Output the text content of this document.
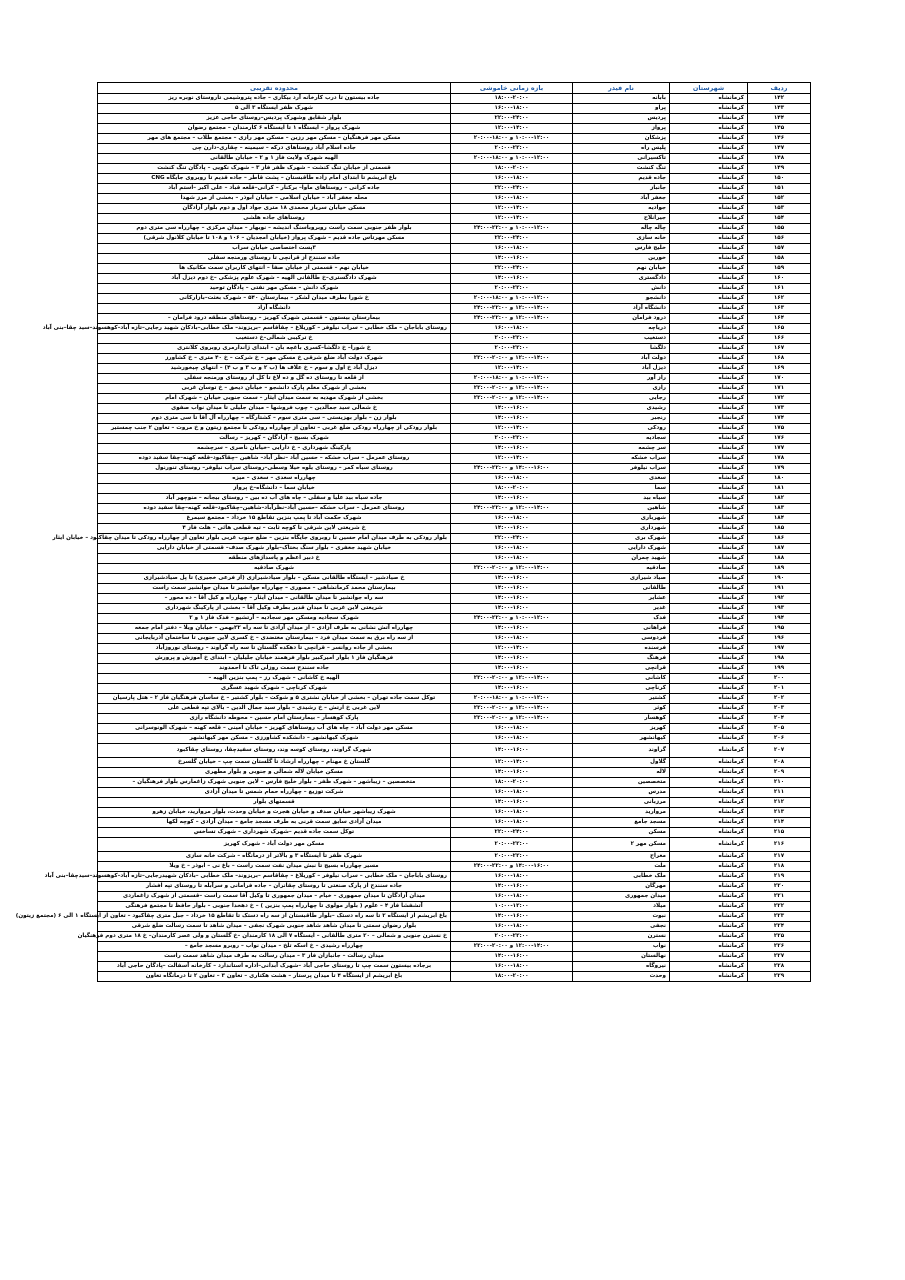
ردیف	شهرستان	نام فیدر	بازه زمانی خاموشی	محدوده تقریبی
۱۴۲	کرمانشاه	بابانه	۱۸:۰۰-۲۰:۰۰	جاده بیستون تا درب کارخانه آرد بیکاری – جاده پتروشیمی تاروستای نوبره ریز
۱۴۳	کرمانشاه	پراو	۱۶:۰۰-۱۸:۰۰	شهرک ظفر ایستگاه ۳ الی ۵
۱۴۴	کرمانشاه	پردیس	۲۲:۰۰-۲۴:۰۰	بلوار شقایق وشهرک پردیس–روستای حاجی عزیز
۱۴۵	کرمانشاه	پرواز	۱۲:۰۰-۱۴:۰۰	شهرک پرواز – ایستگاه ۱ تا ایستگاه ۶ کارمندان – مجتمع رضوان
۱۴۶	کرمانشاه	پزشکان	۱۰:۰۰-۱۲:۰۰ و ۱۸:۰۰-۲۰:۰۰	مسکن مهر فرهنگیان – مسکن مهر رزین – مسکن مهر رازی – مجتمع طلاب – مجتمع های مهر
۱۴۷	کرمانشاه	پلیس راه	۲۰:۰۰-۲۲:۰۰	جاده اسلام آباد روستاهای درکه – سیمینه – چقاری–دارن چی
۱۴۸	کرمانشاه	تاکسیرانی	۱۰:۰۰-۱۲:۰۰ و ۱۸:۰۰-۲۰:۰۰	الهیه شهرک ولایت فاز ۱ و ۲ – خیابان طالقانی
۱۴۹	کرمانشاه	تنگ کنشت	۱۸:۰۰-۲۰:۰۰	قسمتی از خیابان تنگ کنشت – شهرک ظفر فاز ۳ – شهرک نکویی – پادگان تنگ کنشت
۱۵۰	کرمانشاه	جاده قدیم	۱۶:۰۰-۱۸:۰۰	باغ ابریشم تا ابتدای امام زاده طاقبستان – پشت قاطر – جاده قدیم تا روبروی جایگاه CNG
۱۵۱	کرمانشاه	جانباز	۲۲:۰۰-۲۴:۰۰	جاده کرانی – روستاهای ماوا– برکنار – کرانی–قلعه قباد – علی اکبر –استم آباد
۱۵۲	کرمانشاه	جعفر آباد	۱۶:۰۰-۱۸:۰۰	محله جعفر آباد – خیابان اسلامی – خیابان ابوذر – بخشی از مرز شهدا
۱۵۳	کرمانشاه	جوادیه	۱۲:۰۰-۱۴:۰۰	مسکن خیابان سرباز محمدی ۱۸ متری جواد اول و دوم بلوار آزادگان
۱۵۴	کرمانشاه	جیرانلاح	۱۲:۰۰-۱۴:۰۰	روستاهای جاده هلشی
۱۵۵	کرمانشاه	چاله چاله	۱۰:۰۰-۱۲:۰۰ و ۲۲:۰۰-۲۴:۰۰	بلوار ظفر جنوبی سمت راست روبروباسنگ اندیشه – نوبهار – میدان مرکزی – چهارراه سی متری دوم
۱۵۶	کرمانشاه	خانه سازی	۲۲:۰۰-۲۴:۰۰	مسکن مهرتاس جاده قدیم – شهرک پرواز (خیابان امجدیان – ۱۰۶ و ۱۰۸ تا خیابان کلانول شرقی)
۱۵۷	کرمانشاه	خلیج فارس	۱۶:۰۰-۱۸:۰۰	۳پست اختصاصی خیابان سراب
۱۵۸	کرمانشاه	خورین	۱۴:۰۰-۱۶:۰۰	جاده سنندج از قرانچی تا روستای ورمنجه سفلی
۱۵۹	کرمانشاه	خیابان نهم	۲۲:۰۰-۲۴:۰۰	خیابان نهم – قسمتی از خیابان صفا – انتهای کاربران سمت مکانیک ها
۱۶۰	کرمانشاه	دادگستری	۱۴:۰۰-۱۶:۰۰	شهرک دادگستری–خ طالقانی الهیه – شهرک علوم پزشکی –خ دوم دیزل آباد
۱۶۱	کرمانشاه	دانش	۲۰:۰۰-۲۲:۰۰	شهرک دانش – مسکن مهر نفتی – پادگان توحید
۱۶۲	کرمانشاه	دانشجو	۱۰:۰۰-۱۲:۰۰ و ۱۸:۰۰-۲۰:۰۰	خ شورا بطرف میدان لشکر – بیمارستان ۵۴۰ – شهرک بعثت–بازارکانی
۱۶۳	کرمانشاه	دانشگاه آزاد	۱۲:۰۰-۱۴:۰۰ و ۲۲:۰۰-۲۴:۰۰	دانشگاه آزاد
۱۶۴	کرمانشاه	درود فرامان	۱۲:۰۰-۱۴:۰۰ و ۲۲:۰۰-۲۴:۰۰	بیمارستان بیستون – قسمتی شهرک کهریز – روستاهای منطقه درود فرامان –
۱۶۵	کرمانشاه	دریاچه	۱۶:۰۰-۱۸:۰۰	روستای باباجان – ملک خطابی – سراب نیلوفر – کوریلاغ – چقاقاسم –بریزوند– ملک خطابی–بادکان شهید رجایی–تازه آباد–کوهسوند–سید چقا–بنی آباد
۱۶۶	کرمانشاه	دستغیب	۲۰:۰۰-۲۲:۰۰	خ ترکیبی شمالی–خ دستغیب
۱۶۷	کرمانشاه	دلگشا	۲۰:۰۰-۲۲:۰۰	خ شورا– خ دلگشا–کسری باغچه بان – ابتدای ژاندارمری روبروی کلانتری
۱۶۸	کرمانشاه	دولت آباد	۱۲:۰۰-۱۴:۰۰ و ۲۰:۰۰-۲۲:۰۰	شهرک دولت آباد ضلع شرقی خ مسکن مهر – خ شرکت – خ ۴۰ متری – خ کشاورز
۱۶۹	کرمانشاه	دیزل آباد	۱۲:۰۰-۱۴:۰۰	دیزل آباد خ اول و سوم – خ علاف ها (ب ۲ و ب ۳ و ب ۴) – انتهای چیخورشید
۱۷۰	کرمانشاه	راز آور	۱۰:۰۰-۱۲:۰۰ و ۱۸:۰۰-۲۰:۰۰	از قلعه تا روستای ده گل و ده لاغ تا کل از روستای ورمنجه سفلی
۱۷۱	کرمانشاه	رازی	۱۲:۰۰-۱۴:۰۰ و ۲۰:۰۰-۲۲:۰۰	بخشی از شهرک معلم پارک دانشجو – خیابان دیحق – خ توسان غربی
۱۷۲	کرمانشاه	رجایی	۱۲:۰۰-۱۴:۰۰ و ۲۰:۰۰-۲۲:۰۰	بخشی از شهرک مهدیه به سمت میدان ایثار – سمت جنوبی خیابان – شهرک امام
۱۷۳	کرمانشاه	رشیدی	۱۴:۰۰-۱۶:۰۰	خ شمالی سید جمالدین – چوب فروشها – میدان جلیلی تا میدان نواب صفوی
۱۷۴	کرمانشاه	رنجبر	۱۴:۰۰-۱۶:۰۰	بلوار زن – بلوار بهزیستی – سی متری سوم – کشتارگاه – چهارراه آل آقا تا سی متری دوم
۱۷۵	کرمانشاه	رودکی	۱۲:۰۰-۱۴:۰۰	بلوار رودکی از چهارراه رودکی ضلع غربی – تعاون از چهارراه رودکی تا مجتمع زیتون و خ مروت – تعاون ۲ جنب چمستیر
۱۷۶	کرمانشاه	سجادیه	۲۰:۰۰-۲۲:۰۰	شهرک بسیج – آزادگان – کهریز – رسالت
۱۷۷	کرمانشاه	سر چشمه	۱۴:۰۰-۱۶:۰۰	پارکینگ شهرداری – خ دارایی –خیابان ناصری – سرچشمه
۱۷۸	کرمانشاه	سراب خشکه	۱۲:۰۰-۱۴:۰۰	روستای عمرمل – سراب خشکه – حسین آباد –نظر آباد– شاهین –چقاکبود–قلعه کهنه–چقا سفید دوده
۱۷۹	کرمانشاه	سراب نیلوفر	۱۴:۰۰-۱۶:۰۰ و ۲۲:۰۰-۲۴:۰۰	روستای سیاه کمر – روستای یلوه خیلا وسطی–روستای سراب نیلوفر– روستای تنورنول
۱۸۰	کرمانشاه	سعدی	۱۶:۰۰-۱۸:۰۰	چهارراه سعدی – سعدی – میزه
۱۸۱	کرمانشاه	سما	۱۸:۰۰-۲۰:۰۰	خیابان سما – دانشگاه–خ پرواز
۱۸۲	کرمانشاه	سیاه بید	۱۴:۰۰-۱۶:۰۰	جاده سیاه بید علیا و سفلی – چاه های آب ده بین – روستای بیجانه – منوچهر آباد
۱۸۳	کرمانشاه	شاهین	۱۲:۰۰-۱۴:۰۰ و ۲۲:۰۰-۲۴:۰۰	روستای عمرمل – سراب خشکه –حسین آباد–نظرآباد–شاهین–چقاکبود–قلعه کهنه–چقا سفید دوده
۱۸۴	کرمانشاه	شهرباری	۱۶:۰۰-۱۸:۰۰	شهرک حکمت آباد تا پمپ بنزین تقاطع ۱۵ خرداد – مجتمع سیمرغ
۱۸۵	کرمانشاه	شهرداری	۱۴:۰۰-۱۶:۰۰	خ شریعتی لاین شرقی تا کوچه ثابت – تیه قطعی هائی – هلت فاز ۴
۱۸۶	کرمانشاه	شهرک بری	۲۲:۰۰-۲۴:۰۰	بلوار رودکی به طرف میدان امام حسین تا روبروی جایگاه بنزین – ضلع جنوب غربی بلوار تعاون از چهارراه رودکی تا میدان چقاکبود – خیابان ایثار
۱۸۷	کرمانشاه	شهرک دارایی	۱۶:۰۰-۱۸:۰۰	خیابان شهید جعفری – بلوار سنگ بختاک–بلوار شهرک صدف– قسمتی از خیابان دارایی
۱۸۸	کرمانشاه	شهید چمران	۱۶:۰۰-۱۸:۰۰	خ دبیر اعظم و پاسداژهای منطقه
۱۸۹	کرمانشاه	صادقیه	۱۲:۰۰-۱۴:۰۰ و ۲۰:۰۰-۲۲:۰۰	شهرک صادقیه
۱۹۰	کرمانشاه	صیاد شیرازی	۱۴:۰۰-۱۶:۰۰	خ صیادشیر – ایستگاه طالقانی مسکن – بلوار صیادشیرازی (از فرعی خجیری) تا پل صیادشیرازی
۱۹۱	کرمانشاه	طالقانی	۱۴:۰۰-۱۶:۰۰	بیمارستان محمد کرمانشاهی – مصوری – چهارراه جوانشیر تا میدان جوانشیر سمت راست
۱۹۲	کرمانشاه	عشایر	۱۴:۰۰-۱۶:۰۰	سه راه جوانشیر تا میدان طالقانی – میدان ایثار – چهارراه و کیل آقا – ده محور –
۱۹۳	کرمانشاه	غدیر	۱۴:۰۰-۱۶:۰۰	شریعتی لاین غربی تا میدان قدیر بطرف وکیل آقا – بخشی از پارکینگ شهرداری
۱۹۴	کرمانشاه	فدک	۱۰:۰۰-۱۲:۰۰ و ۲۲:۰۰-۲۴:۰۰	شهرک سجادیه ومسکن مهر سجادیه – آرتشیو – فدک فاز ۱ و ۲
۱۹۵	کرمانشاه	فراهانی	۱۴:۰۰-۱۶:۰۰	چهارراه آتش نشانی به طرف آزادی – از میدان آزادی تا سه راه ۲۲بهمن – خیابان ویلا – دفتر امام جمعه
۱۹۶	کرمانشاه	فردوسی	۱۶:۰۰-۱۸:۰۰	از سه راه برق به سمت میدان فرد – بیمارستان معتضدی – خ کسری لاین جنوبی تا ساختمان آذربایجانی
۱۹۷	کرمانشاه	فرسنده	۱۲:۰۰-۱۴:۰۰	بخشی از جاده روانسر – قرانچی تا دهکده گلستان تا سه راه گراوند – روستای نوروزآباد
۱۹۸	کرمانشاه	فرهنگ	۱۴:۰۰-۱۶:۰۰	فرهنگیان فاز ۱ بلوار امیرکبیر بلوار فرهمند خیابان جلیلیان – ابتدای خ آموزش و پرورش
۱۹۹	کرمانشاه	قرانچی	۱۴:۰۰-۱۶:۰۰	جاده سنندج سمت روزلی تاک تا احمدوند
۲۰۰	کرمانشاه	کاشانی	۱۲:۰۰-۱۴:۰۰ و ۲۰:۰۰-۲۲:۰۰	الهیه خ کاشانی – شهرک رز – پمپ بنزین الهیه –
۲۰۱	کرمانشاه	کرناچی	۱۴:۰۰-۱۶:۰۰	شهرک کرناچی – شهرک شهید عسگری
۲۰۲	کرمانشاه	کشتیر	۱۰:۰۰-۱۲:۰۰ و ۱۸:۰۰-۲۰:۰۰	توکل سمت جاده تهران – بخشی از خیابان نشتری ۵ و شوکت – بلوار کشتیر – خ ساسان فرهنگیان فاز ۲ – هتل پارسیان
۲۰۳	کرمانشاه	کوثر	۱۲:۰۰-۱۴:۰۰ و ۲۰:۰۰-۲۲:۰۰	لاین غربی خ ارتش – خ رشیدی – بلوار سید جمال الدین – بالای تپه قطعی علی
۲۰۴	کرمانشاه	کوهسار	۱۲:۰۰-۱۴:۰۰ و ۲۰:۰۰-۲۲:۰۰	پارک کوهسار – بیمارستان امام حسین – محوطه دانشگاه رازی
۲۰۵	کرمانشاه	کهریز	۱۶:۰۰-۱۸:۰۰	مسکن مهر دولت آباد – چاه های آب روستاهای کهریز – خیابان امینی – قلعه کهنه – شهرک الونوسرانی
۲۰۶	کرمانشاه	کیهانشهر	۱۶:۰۰-۱۸:۰۰	شهرک کیهانشهر – دانشکده کشاورزی – مسکن مهر کیهانشهر
۲۰۷	کرمانشاه	گراوند	۱۴:۰۰-۱۶:۰۰	شهرک گراوند، روستای کوسه وند، روستای سفیدچقا، روستای چقاکبود
۲۰۸	کرمانشاه	گلاول	۱۲:۰۰-۱۴:۰۰	گلستان خ مهنام – چهارراه ارشاد تا گلستان سمت چپ – خیابان گلسرخ
۲۰۹	کرمانشاه	لاله	۱۴:۰۰-۱۶:۰۰	مسکن خیابان لاله شمالی و جنوبی و بلوار مطهری
۲۱۰	کرمانشاه	متخصصین	۱۸:۰۰-۲۰:۰۰	متخصصین – زیباشهر – شهرک ظفر – بلوار خلیج فارس – لاین جنوبی شهرک زاغمارس بلوار فرهنگیان –
۲۱۱	کرمانشاه	مدرس	۱۶:۰۰-۱۸:۰۰	شرکت توزیع – چهارراه حمام شمس تا میدان آزادی
۲۱۲	کرمانشاه	مرزبانی	۱۴:۰۰-۱۶:۰۰	قسمتهای بلوار
۲۱۳	کرمانشاه	مروارید	۱۶:۰۰-۱۸:۰۰	شهرک زیباشهر خیابان صدف و خیابان هجرت و خیابان وحدت، بلوار مروارید، خیابان زهرو
۲۱۴	کرمانشاه	مسجد جامع	۱۶:۰۰-۱۸:۰۰	میدان آزادی سایق سمت قرنی به طرف مسجد جامع – میدان آزادی – کوچه لکها
۲۱۵	کرمانشاه	مسکن	۲۲:۰۰-۲۴:۰۰	توکل سمت جاده قدیم –شهرک شهرداری – شهرک تساخس
۲۱۶	کرمانشاه	مسکن مهر ۲	۲۰:۰۰-۲۲:۰۰	مسکن مهر دولت آباد – شهرک کهریز
۲۱۷	کرمانشاه	معراج	۲۰:۰۰-۲۲:۰۰	شهرک ظفر تا ایستگاه ۳ و بالاتر از درمانگاه – شرکت خانه سازی
۲۱۸	کرمانشاه	ملت	۱۴:۰۰-۱۶:۰۰ و ۲۲:۰۰-۲۴:۰۰	مسیر چهارراه بسیج تا نبش میدان نفت سمت راست – باغ نی – ابوذر – خ ویلا
۲۱۹	کرمانشاه	ملک خطابی	۱۶:۰۰-۱۸:۰۰	روستای باباجان – ملک خطابی – سراب نیلوفر – کوریلاغ – چقاقاسم –بریزوند– ملک خطابی –بادکان شهیدرجایی–تازه آباد–کوهسوند–سیدچقا–بنی آباد
۲۲۰	کرمانشاه	مهرگان	۱۴:۰۰-۱۶:۰۰	جاده سنندج از پارک صنعتی تا روستای چقانران – جاده فرامانی و سرآبله تا روستای تپه افشار
۲۲۱	کرمانشاه	میدان جمهوری	۱۶:۰۰-۱۸:۰۰	میدان آزادگان تا میدان جمهوری – خیام – میدان جمهوری تا وکیل آقا سمت راست –قسمتی از شهرک زاغماردی
۲۲۲	کرمانشاه	میلاد	۱۰:۰۰-۱۲:۰۰	آتشفشا فاز ۴ – علوم ( بلوار مولوی تا چهارراه پمپ بنزین ) – خ دهخدا جنوبی – بلوار حافظ تا مجتمع فرهنگی
۲۲۳	کرمانشاه	نبوت	۱۴:۰۰-۱۶:۰۰	باغ ابریشم از ایستگاه ۲ تا سه راه دستک –بلوار طاقبستان از سه راه دستک تا تقاطع ۱۵ خرداد – جبل متری چقاکبود – تعاون از ایستگاه ۱ الی ۶ (مجتمع زیتون)
۲۲۴	کرمانشاه	نجفی	۱۶:۰۰-۱۸:۰۰	بلوار رضوان سمتی تا میدان شاهد شاهد جنوبی شهرک نجفی – میدان شاهد تا سمت رسالت ضلع شرقی
۲۲۵	کرمانشاه	نسترن	۲۰:۰۰-۲۲:۰۰	خ نسترن جنوبی و شمالی – ۲۰ متری طالقانی – ایستگاه ۷ الی ۱۸ کارمندان –خ گلستان و ولی عصر کارمندان– خ ۱۸ متری دوم فرهنگیان
۲۲۶	کرمانشاه	نواب	۱۲:۰۰-۱۴:۰۰ و ۲۰:۰۰-۲۲:۰۰	چهارراه رشیدی – خ اسکه تلخ – میدان نواب – روبرو مسجد جامع –
۲۲۷	کرمانشاه	نهالستان	۱۴:۰۰-۱۶:۰۰	میدان رسالت – جانبازان فاز ۳ – میدان رسالت به طرف میدان شاهد سمت راست
۲۲۸	کرمانشاه	نیروگاه	۱۶:۰۰-۱۸:۰۰	برجاده بیستون سمت چپ تا روستای حاجی آباد –شهرک آبدانی–اداره استاندارد – کارخانه آسفالت –پادگان حاجی آباد
۲۲۹	کرمانشاه	وحدت	۱۸:۰۰-۲۰:۰۰	باغ ابریشم از ایستگاه ۴ تا میدان پرستار – هشت هکتاری – تعاون ۳ – تعاون ۲ تا درمانگاه تعاون
